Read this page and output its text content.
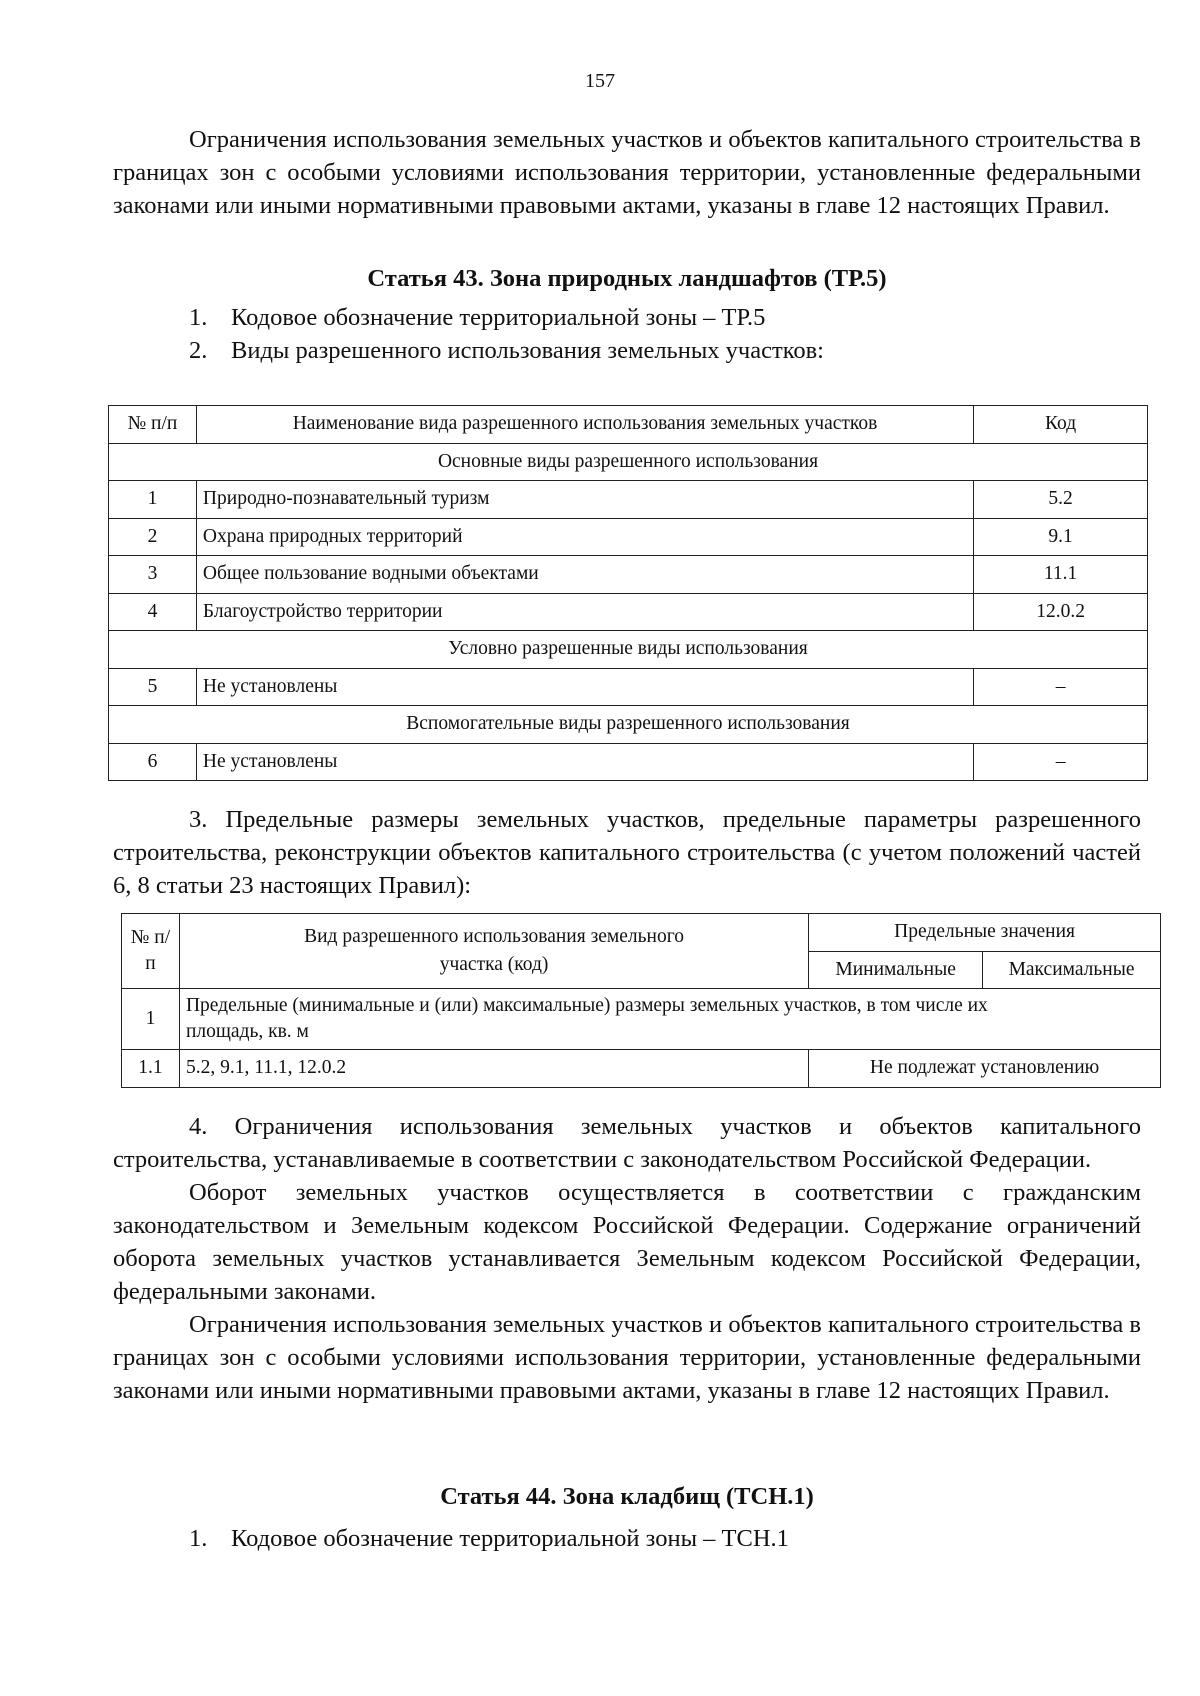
157

Ограничения использования земельных участков и объектов капитального строительства в границах зон с особыми условиями использования территории, установленные федеральными законами или иными нормативными правовыми актами, указаны в главе 12 настоящих Правил.

Статья 43. Зона природных ландшафтов (ТР.5)
1. Кодовое обозначение территориальной зоны – ТР.5
2. Виды разрешенного использования земельных участков:
№ п/п	Наименование вида разрешенного использования земельных участков	Код
Основные виды разрешенного использования		
1	Природно-познавательный туризм	5.2
2	Охрана природных территорий	9.1
3	Общее пользование водными объектами	11.1
4	Благоустройство территории	12.0.2
Условно разрешенные виды использования		
5	Не установлены	–
Вспомогательные виды разрешенного использования		
6	Не установлены	–

3. Предельные размеры земельных участков, предельные параметры разрешенного строительства, реконструкции объектов капитального строительства (с учетом положений частей 6, 8 статьи 23 настоящих Правил):

№ п/п	Вид разрешенного использования земельного участка (код)	Предельные значения	
		Минимальные	Максимальные
1	Предельные (минимальные и (или) максимальные) размеры земельных участков, в том числе их площадь, кв. м		
1.1	5.2, 9.1, 11.1, 12.0.2	Не подлежат установлению	

4. Ограничения использования земельных участков и объектов капитального строительства, устанавливаемые в соответствии с законодательством Российской Федерации.

Оборот земельных участков осуществляется в соответствии с гражданским законодательством и Земельным кодексом Российской Федерации. Содержание ограничений оборота земельных участков устанавливается Земельным кодексом Российской Федерации, федеральными законами.

Ограничения использования земельных участков и объектов капитального строительства в границах зон с особыми условиями использования территории, установленные федеральными законами или иными нормативными правовыми актами, указаны в главе 12 настоящих Правил.

Статья 44. Зона кладбищ (ТСН.1)
1. Кодовое обозначение территориальной зоны – ТСН.1
